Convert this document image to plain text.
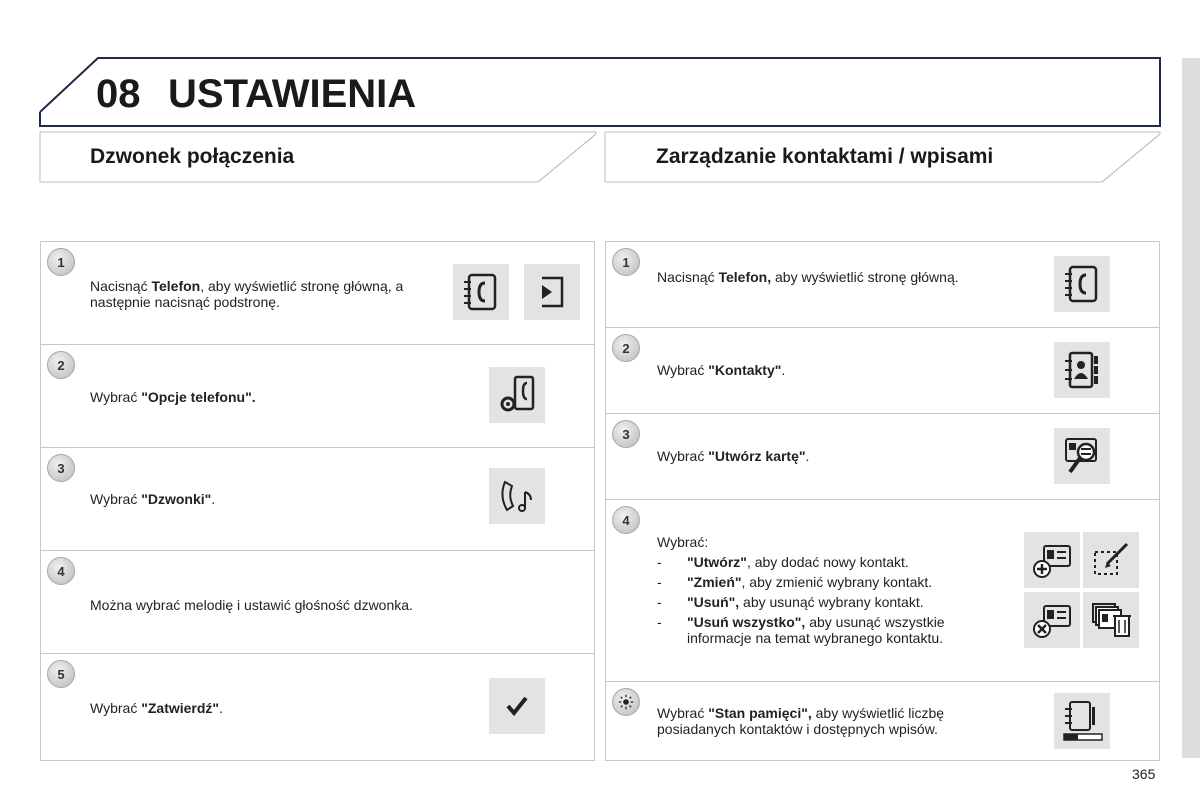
08 USTAWIENIA
Dzwonek połączenia	Zarządzanie kontaktami / wpisami
1
Nacisnąć Telefon, aby wyświetlić stronę główną, a następnie nacisnąć podstronę.
2
Wybrać "Opcje telefonu".
3
Wybrać "Dzwonki".
4
Można wybrać melodię i ustawić głośność dzwonka.
5
Wybrać "Zatwierdź".
1
Nacisnąć Telefon, aby wyświetlić stronę główną.
2
Wybrać "Kontakty".
3
Wybrać "Utwórz kartę".
4
Wybrać:
- "Utwórz", aby dodać nowy kontakt.
- "Zmień", aby zmienić wybrany kontakt.
- "Usuń", aby usunąć wybrany kontakt.
- "Usuń wszystko", aby usunąć wszystkie informacje na temat wybranego kontaktu.
Wybrać "Stan pamięci", aby wyświetlić liczbę posiadanych kontaktów i dostępnych wpisów.
365
